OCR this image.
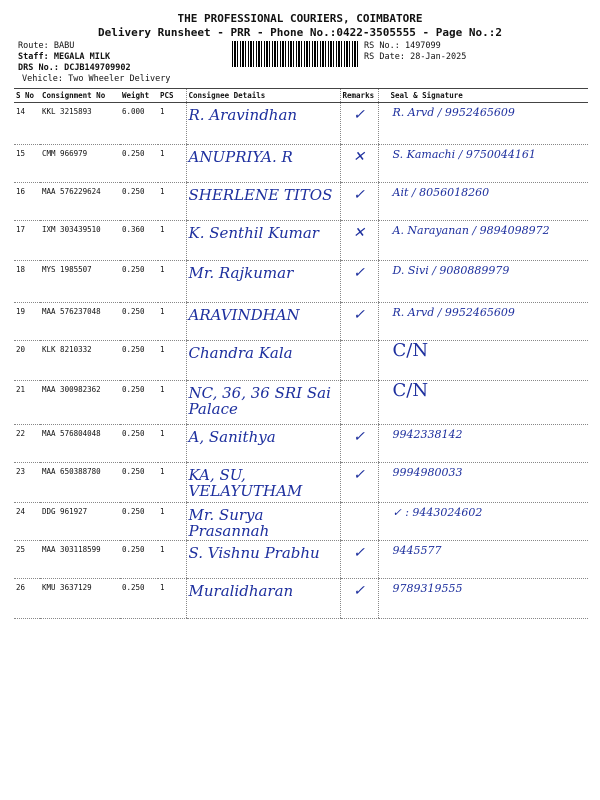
THE PROFESSIONAL COURIERS, COIMBATORE
Delivery Runsheet - PRR - Phone No.:0422-3505555 - Page No.:2
Route: BABU
Staff: MEGALA MILK
DRS No.: DCJB149709902
Vehicle: Two Wheeler Delivery
RS No.: 1497099
RS Date: 28-Jan-2025
S No	Consignment No	Weight	PCS	Consignee Details	Remarks	Seal & Signature
14	KKL 3215893	6.000	1	R. Aravindhan	✓	R. Arvd / 9952465609
15	CMM 966979	0.250	1	ANUPRIYA. R	✕	S. Kamachi / 9750044161
16	MAA 576229624	0.250	1	SHERLENE TITOS	✓	Ait / 8056018260
17	IXM 303439510	0.360	1	K. Senthil Kumar	✕	A. Narayanan / 9894098972
18	MYS 1985507	0.250	1	Mr. Rajkumar	✓	D. Sivi / 9080889979
19	MAA 576237048	0.250	1	ARAVINDHAN	✓	R. Arvd / 9952465609
20	KLK 8210332	0.250	1	Chandra Kala		C/N
21	MAA 300982362	0.250	1	NC, 36, 36 SRI Sai Palace		C/N
22	MAA 576804048	0.250	1	A, Sanithya	✓	9942338142
23	MAA 650388780	0.250	1	KA, SU, VELAYUTHAM	✓	9994980033
24	DDG 961927	0.250	1	Mr. Surya Prasannah		✓ : 9443024602
25	MAA 303118599	0.250	1	S. Vishnu Prabhu	✓	9445577
26	KMU 3637129	0.250	1	Muralidharan	✓	9789319555
